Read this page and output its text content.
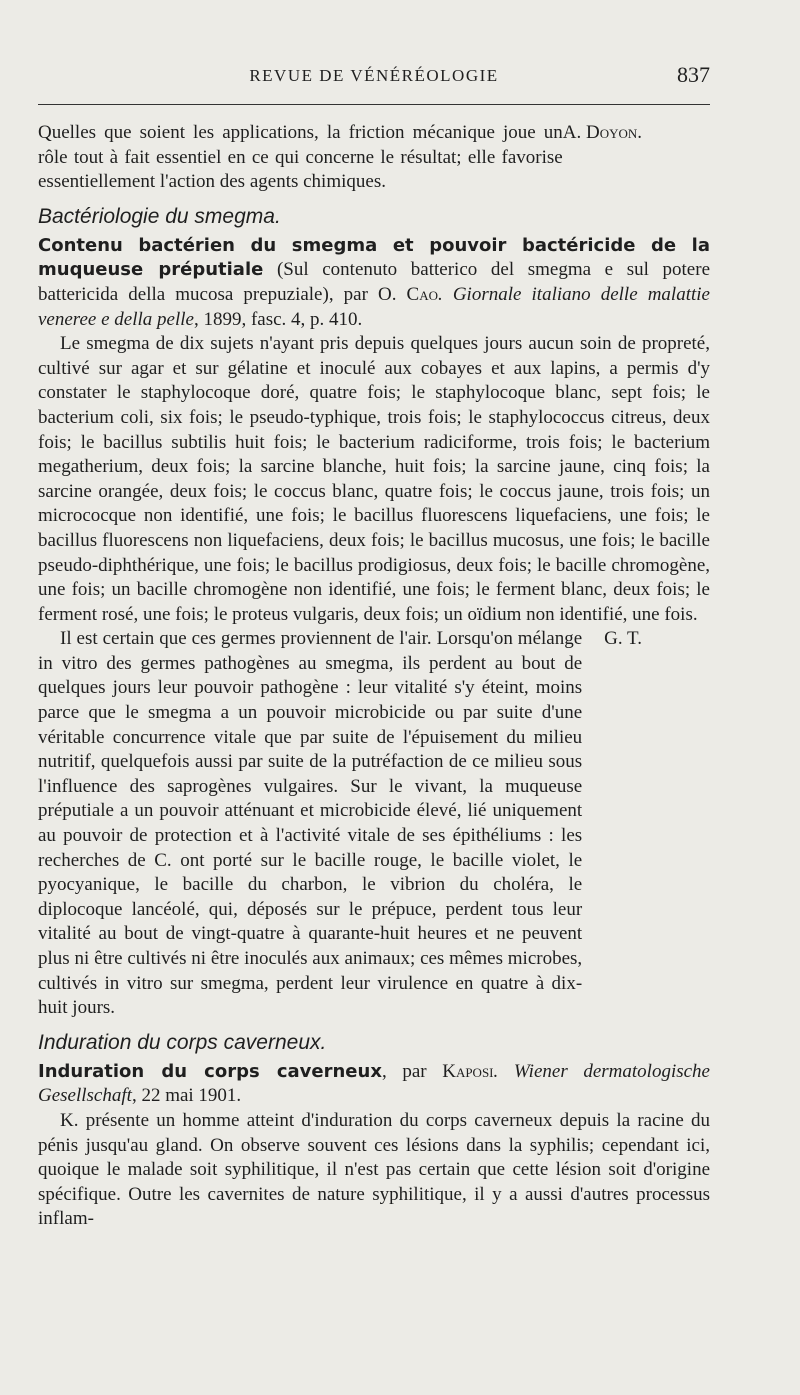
REVUE DE VÉNÉRÉOLOGIE	837

Quelles que soient les applications, la friction mécanique joue un rôle tout à fait essentiel en ce qui concerne le résultat; elle favorise essentiellement l'action des agents chimiques.
A. Doyon.

Bactériologie du smegma.

Contenu bactérien du smegma et pouvoir bactéricide de la muqueuse préputiale (Sul contenuto batterico del smegma e sul potere battericida della mucosa prepuziale), par O. Cao. Giornale italiano delle malattie veneree e della pelle, 1899, fasc. 4, p. 410.

Le smegma de dix sujets n'ayant pris depuis quelques jours aucun soin de propreté, cultivé sur agar et sur gélatine et inoculé aux cobayes et aux lapins, a permis d'y constater le staphylocoque doré, quatre fois; le staphylocoque blanc, sept fois; le bacterium coli, six fois; le pseudo-typhique, trois fois; le staphylococcus citreus, deux fois; le bacillus subtilis huit fois; le bacterium radiciforme, trois fois; le bacterium megatherium, deux fois; la sarcine blanche, huit fois; la sarcine jaune, cinq fois; la sarcine orangée, deux fois; le coccus blanc, quatre fois; le coccus jaune, trois fois; un micrococque non identifié, une fois; le bacillus fluorescens liquefaciens, une fois; le bacillus fluorescens non liquefaciens, deux fois; le bacillus mucosus, une fois; le bacille pseudo-diphthérique, une fois; le bacillus prodigiosus, deux fois; le bacille chromogène, une fois; un bacille chromogène non identifié, une fois; le ferment blanc, deux fois; le ferment rosé, une fois; le proteus vulgaris, deux fois; un oïdium non identifié, une fois.

Il est certain que ces germes proviennent de l'air. Lorsqu'on mélange in vitro des germes pathogènes au smegma, ils perdent au bout de quelques jours leur pouvoir pathogène : leur vitalité s'y éteint, moins parce que le smegma a un pouvoir microbicide ou par suite d'une véritable concurrence vitale que par suite de l'épuisement du milieu nutritif, quelquefois aussi par suite de la putréfaction de ce milieu sous l'influence des saprogènes vulgaires. Sur le vivant, la muqueuse préputiale a un pouvoir atténuant et microbicide élevé, lié uniquement au pouvoir de protection et à l'activité vitale de ses épithéliums : les recherches de C. ont porté sur le bacille rouge, le bacille violet, le pyocyanique, le bacille du charbon, le vibrion du choléra, le diplocoque lancéolé, qui, déposés sur le prépuce, perdent tous leur vitalité au bout de vingt-quatre à quarante-huit heures et ne peuvent plus ni être cultivés ni être inoculés aux animaux; ces mêmes microbes, cultivés in vitro sur smegma, perdent leur virulence en quatre à dix-huit jours.
G. T.

Induration du corps caverneux.

Induration du corps caverneux, par Kaposi. Wiener dermatologische Gesellschaft, 22 mai 1901.

K. présente un homme atteint d'induration du corps caverneux depuis la racine du pénis jusqu'au gland. On observe souvent ces lésions dans la syphilis; cependant ici, quoique le malade soit syphilitique, il n'est pas certain que cette lésion soit d'origine spécifique. Outre les cavernites de nature syphilitique, il y a aussi d'autres processus inflam-
